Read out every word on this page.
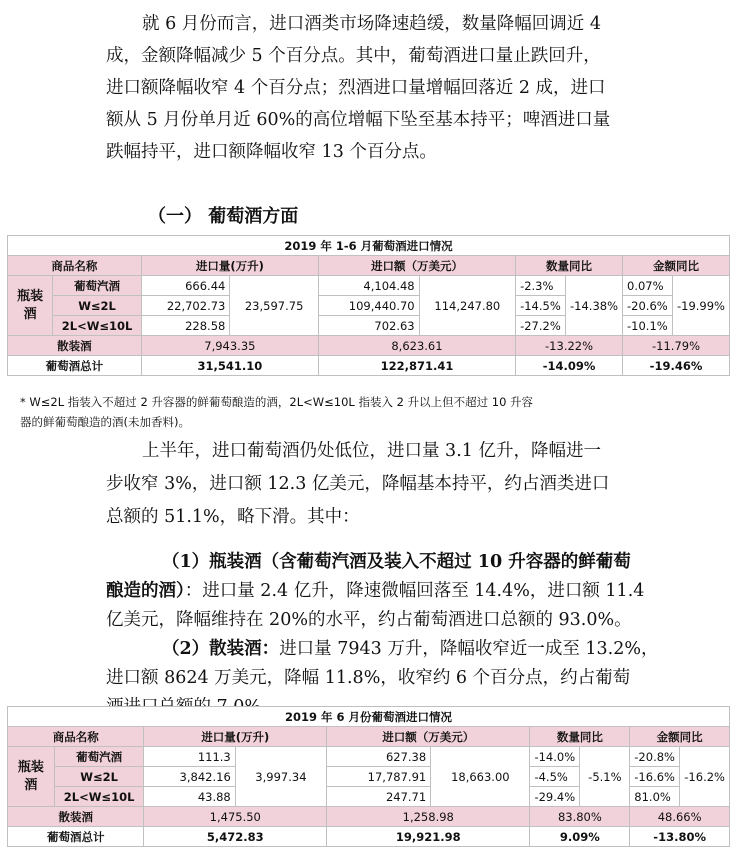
就 6 月份而言，进口酒类市场降速趋缓，数量降幅回调近 4
成，金额降幅减少 5 个百分点。其中，葡萄酒进口量止跌回升，
进口额降幅收窄 4 个百分点；烈酒进口量增幅回落近 2 成，进口
额从 5 月份单月近 60%的高位增幅下坠至基本持平；啤酒进口量
跌幅持平，进口额降幅收窄 13 个百分点。
（一） 葡萄酒方面
2019 年 1-6 月葡萄酒进口情况									
商品名称		进口量(万升)		进口额（万美元）		数量同比		金额同比	
瓶装
酒	葡萄汽酒	666.44	23,597.75	4,104.48	114,247.80	-2.3%	-14.38%	0.07%	-19.99%
	W≤2L	22,702.73		109,440.70		-14.5%		-20.6%	
	2L<W≤10L	228.58		702.63		-27.2%		-10.1%	
散装酒		7,943.35		8,623.61		-13.22%		-11.79%	
葡萄酒总计		31,541.10		122,871.41		-14.09%		-19.46%	
* W≤2L 指装入不超过 2 升容器的鲜葡萄酿造的酒，2L<W≤10L 指装入 2 升以上但不超过 10 升容
器的鲜葡萄酿造的酒(未加香料)。
上半年，进口葡萄酒仍处低位，进口量 3.1 亿升，降幅进一
步收窄 3%，进口额 12.3 亿美元，降幅基本持平，约占酒类进口
总额的 51.1%，略下滑。其中：
（1）瓶装酒（含葡萄汽酒及装入不超过 10 升容器的鲜葡萄
酿造的酒）：进口量 2.4 亿升，降速微幅回落至 14.4%，进口额 11.4
亿美元，降幅维持在 20%的水平，约占葡萄酒进口总额的 93.0%。
（2）散装酒：进口量 7943 万升，降幅收窄近一成至 13.2%，
进口额 8624 万美元，降幅 11.8%，收窄约 6 个百分点，约占葡萄
2019 年 6 月份葡萄酒进口情况									
商品名称		进口量(万升)		进口额（万美元）		数量同比		金额同比	
瓶装
酒	葡萄汽酒	111.3	3,997.34	627.38	18,663.00	-14.0%	-5.1%	-20.8%	-16.2%
	W≤2L	3,842.16		17,787.91		-4.5%		-16.6%	
	2L<W≤10L	43.88		247.71		-29.4%		81.0%	
散装酒		1,475.50		1,258.98		83.80%		48.66%	
葡萄酒总计		5,472.83		19,921.98		9.09%		-13.80%	
